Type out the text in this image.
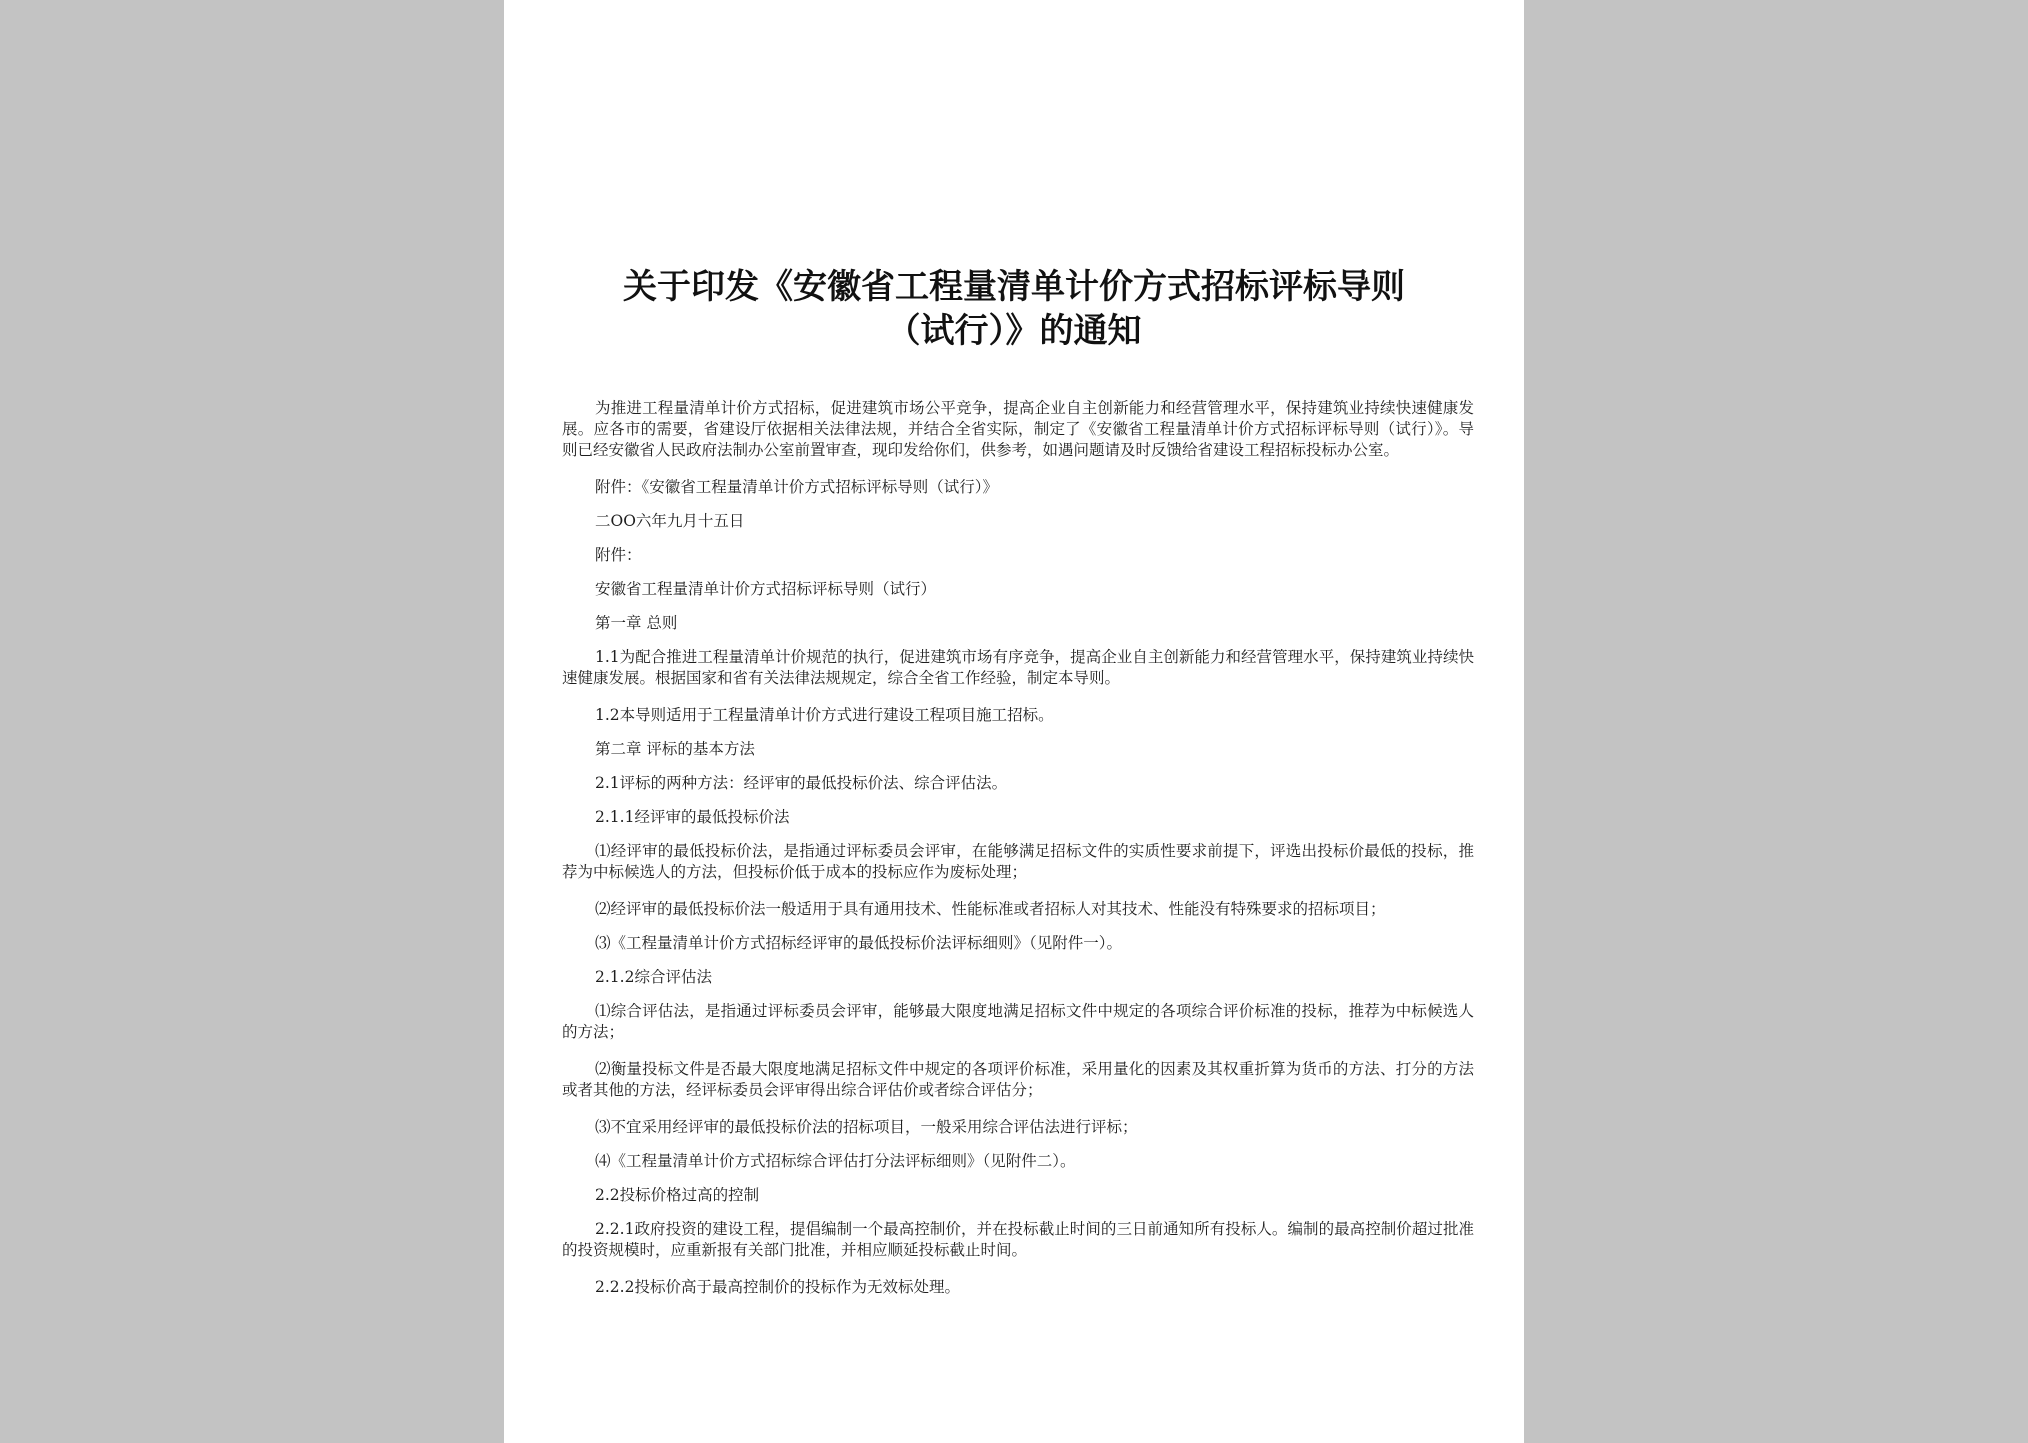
关于印发《安徽省工程量清单计价方式招标评标导则
（试行）》的通知

为推进工程量清单计价方式招标，促进建筑市场公平竞争，提高企业自主创新能力和经营管理水平，保持建筑业持续快速健康发展。应各市的需要，省建设厅依据相关法律法规，并结合全省实际，制定了《安徽省工程量清单计价方式招标评标导则（试行）》。导则已经安徽省人民政府法制办公室前置审查，现印发给你们，供参考，如遇问题请及时反馈给省建设工程招标投标办公室。

附件：《安徽省工程量清单计价方式招标评标导则（试行）》

二OO六年九月十五日

附件：

安徽省工程量清单计价方式招标评标导则（试行）

第一章 总则

1.1为配合推进工程量清单计价规范的执行，促进建筑市场有序竞争，提高企业自主创新能力和经营管理水平，保持建筑业持续快速健康发展。根据国家和省有关法律法规规定，综合全省工作经验，制定本导则。

1.2本导则适用于工程量清单计价方式进行建设工程项目施工招标。

第二章 评标的基本方法

2.1评标的两种方法：经评审的最低投标价法、综合评估法。

2.1.1经评审的最低投标价法

⑴经评审的最低投标价法，是指通过评标委员会评审，在能够满足招标文件的实质性要求前提下，评选出投标价最低的投标，推荐为中标候选人的方法，但投标价低于成本的投标应作为废标处理；

⑵经评审的最低投标价法一般适用于具有通用技术、性能标准或者招标人对其技术、性能没有特殊要求的招标项目；

⑶《工程量清单计价方式招标经评审的最低投标价法评标细则》（见附件一）。

2.1.2综合评估法

⑴综合评估法，是指通过评标委员会评审，能够最大限度地满足招标文件中规定的各项综合评价标准的投标，推荐为中标候选人的方法；

⑵衡量投标文件是否最大限度地满足招标文件中规定的各项评价标准，采用量化的因素及其权重折算为货币的方法、打分的方法或者其他的方法，经评标委员会评审得出综合评估价或者综合评估分；

⑶不宜采用经评审的最低投标价法的招标项目，一般采用综合评估法进行评标；

⑷《工程量清单计价方式招标综合评估打分法评标细则》（见附件二）。

2.2投标价格过高的控制

2.2.1政府投资的建设工程，提倡编制一个最高控制价，并在投标截止时间的三日前通知所有投标人。编制的最高控制价超过批准的投资规模时，应重新报有关部门批准，并相应顺延投标截止时间。

2.2.2投标价高于最高控制价的投标作为无效标处理。
